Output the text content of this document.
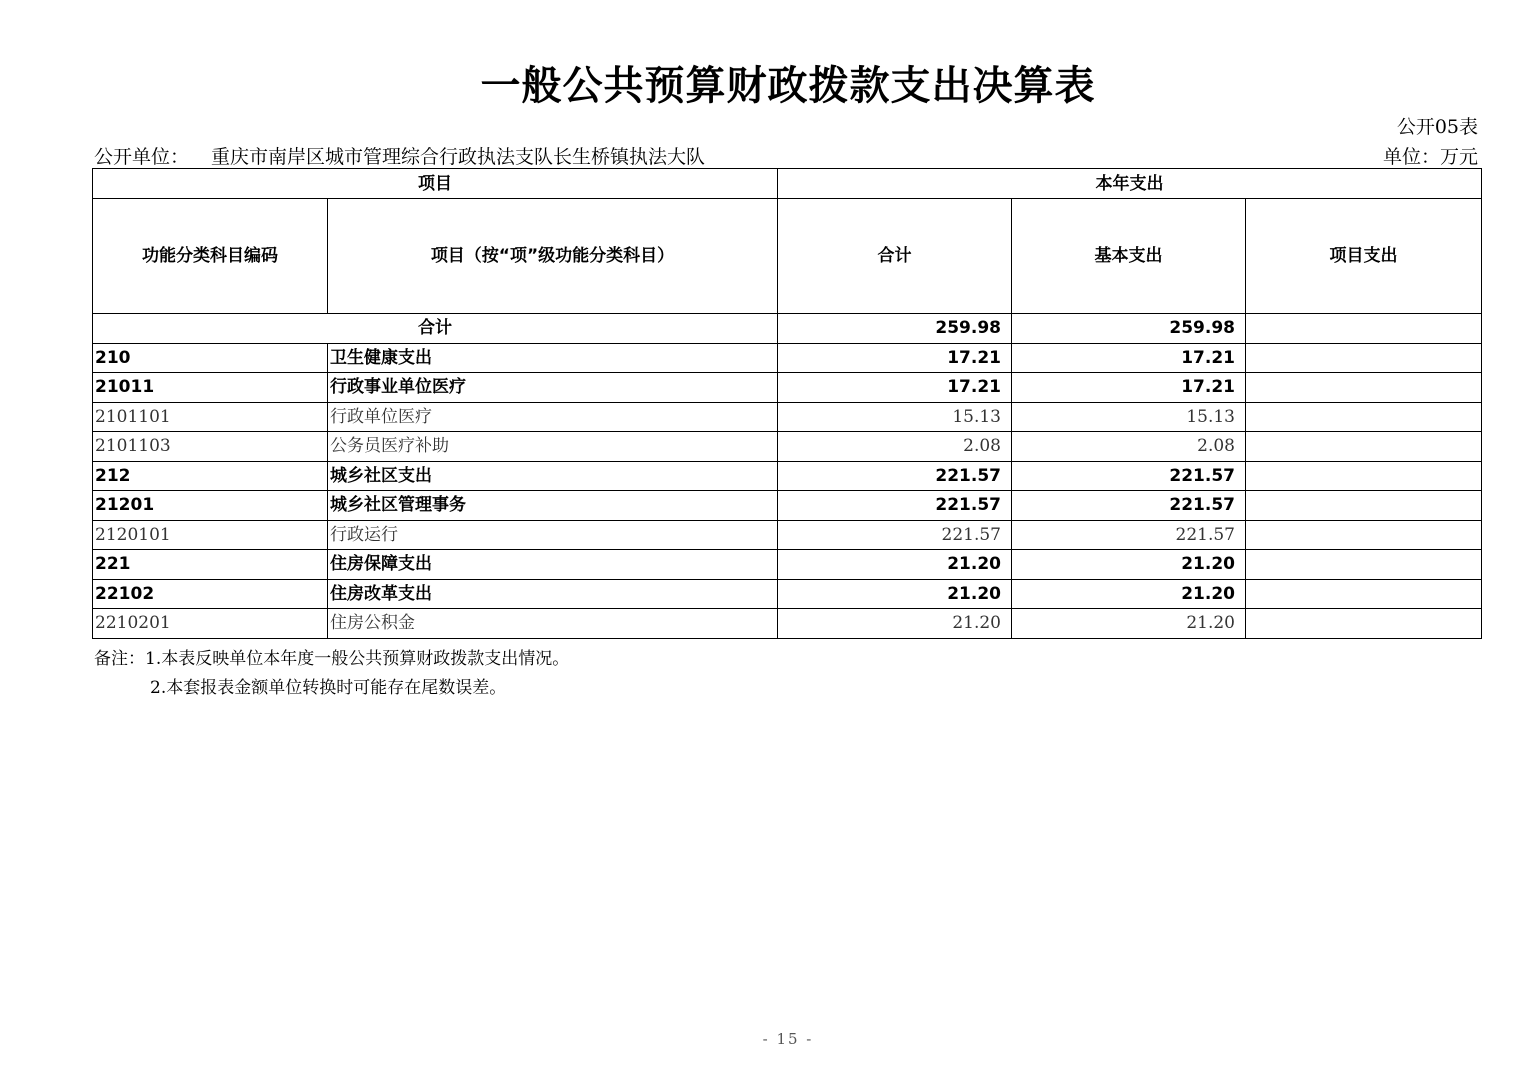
一般公共预算财政拨款支出决算表
公开05表
公开单位： 重庆市南岸区城市管理综合行政执法支队长生桥镇执法大队	单位：万元
项目		本年支出		
功能分类科目编码	项目（按“项”级功能分类科目）	合计	基本支出	项目支出
合计		259.98	259.98	
210	卫生健康支出	17.21	17.21	
21011	行政事业单位医疗	17.21	17.21	
2101101	行政单位医疗	15.13	15.13	
2101103	公务员医疗补助	2.08	2.08	
212	城乡社区支出	221.57	221.57	
21201	城乡社区管理事务	221.57	221.57	
2120101	行政运行	221.57	221.57	
221	住房保障支出	21.20	21.20	
22102	住房改革支出	21.20	21.20	
2210201	住房公积金	21.20	21.20	
备注：1.本表反映单位本年度一般公共预算财政拨款支出情况。
2.本套报表金额单位转换时可能存在尾数误差。
- 15 -
